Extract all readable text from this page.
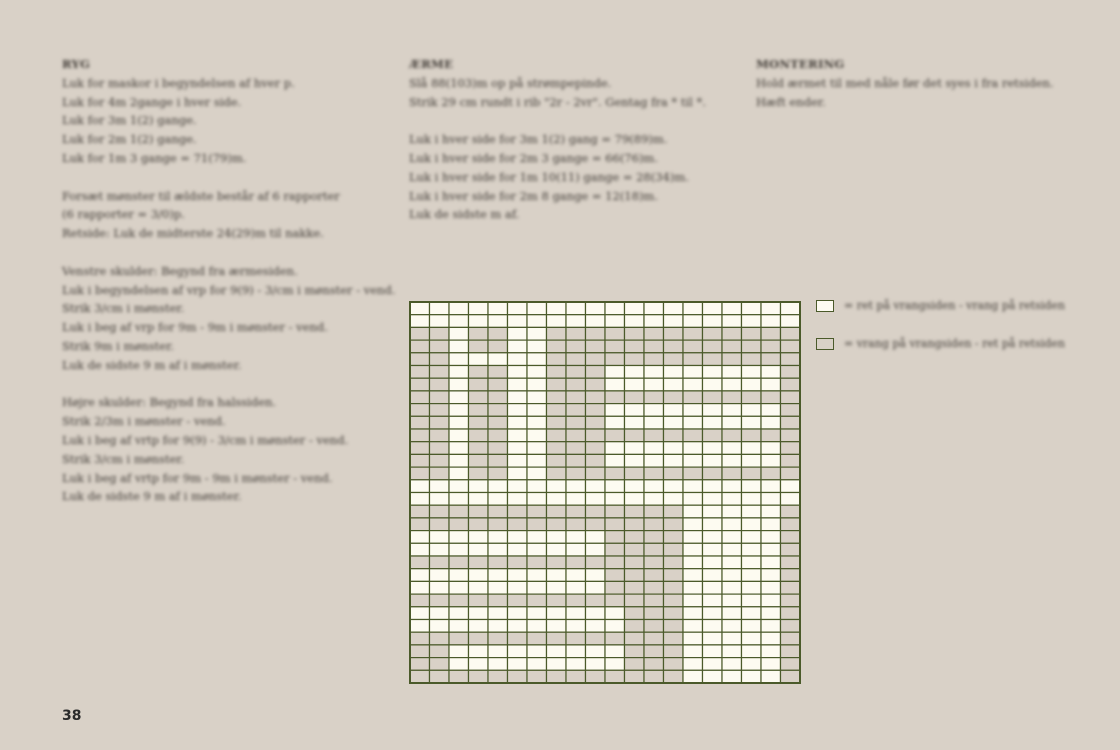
RYG
Luk for maskor i begyndelsen af hver p.
Luk for 4m 2gange i hver side.
Luk for 3m 1(2) gange.
Luk for 2m 1(2) gange.
Luk for 1m 3 gange = 71(79)m.
Forsæt mønster til ældste består af 6 rapporter
(6 rapporter = 3/0)p.
Retside: Luk de midterste 24(29)m til nakke.
Venstre skulder: Begynd fra ærmesiden.
Luk i begyndelsen af vrp for 9(9) - 3/cm i mønster - vend.
Strik 3/cm i mønster.
Luk i beg af vrp for 9m - 9m i mønster - vend.
Strik 9m i mønster.
Luk de sidste 9 m af i mønster.
Højre skulder: Begynd fra halssiden.
Strik 2/3m i mønster - vend.
Luk i beg af vrtp for 9(9) - 3/cm i mønster - vend.
Strik 3/cm i mønster.
Luk i beg af vrtp for 9m - 9m i mønster - vend.
Luk de sidste 9 m af i mønster.
ÆRME
Slå 88(103)m op på strømpepinde.
Strik 29 cm rundt i rib "2r - 2vr". Gentag fra * til *.
Luk i hver side for 3m 1(2) gang = 79(89)m.
Luk i hver side for 2m 3 gange = 66(76)m.
Luk i hver side for 1m 10(11) gange = 28(34)m.
Luk i hver side for 2m 8 gange = 12(18)m.
Luk de sidste m af.
MONTERING
Hold ærmet til med nåle før det syes i fra retsiden.
Hæft ender.
= ret på vrangsiden - vrang på retsiden
= vrang på vrangsiden - ret på retsiden
38
